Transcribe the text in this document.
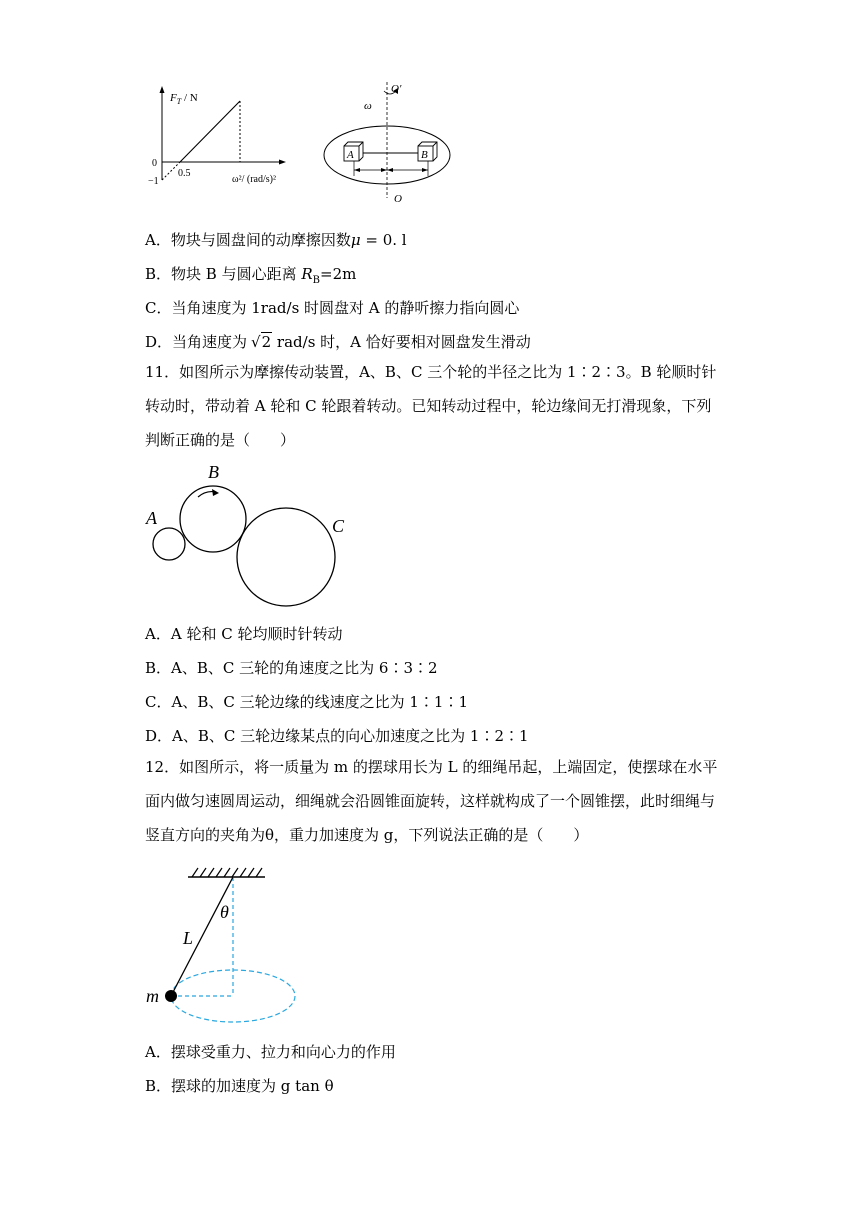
$F_T$ / N
0
−1
0.5
ω²/ (rad/s)²
ω
O′
O
A	B
A．物块与圆盘间的动摩擦因数μ = 0. l
B．物块 B 与圆心距离 $R_B=2m$
C．当角速度为 1rad/s 时圆盘对 A 的静听擦力指向圆心
D．当角速度为 √2 rad/s 时，A 恰好要相对圆盘发生滑动
11．如图所示为摩擦传动装置，A、B、C 三个轮的半径之比为 1∶2∶3。B 轮顺时针转动时，带动着 A 轮和 C 轮跟着转动。已知转动过程中，轮边缘间无打滑现象，下列判断正确的是（　　）
A
B
C
A．A 轮和 C 轮均顺时针转动
B．A、B、C 三轮的角速度之比为 6∶3∶2
C．A、B、C 三轮边缘的线速度之比为 1∶1∶1
D．A、B、C 三轮边缘某点的向心加速度之比为 1∶2∶1
12．如图所示，将一质量为 m 的摆球用长为 L 的细绳吊起，上端固定，使摆球在水平面内做匀速圆周运动，细绳就会沿圆锥面旋转，这样就构成了一个圆锥摆，此时细绳与竖直方向的夹角为θ，重力加速度为 g，下列说法正确的是（　　）
θ
L
m
A．摆球受重力、拉力和向心力的作用
B．摆球的加速度为 g tan θ
